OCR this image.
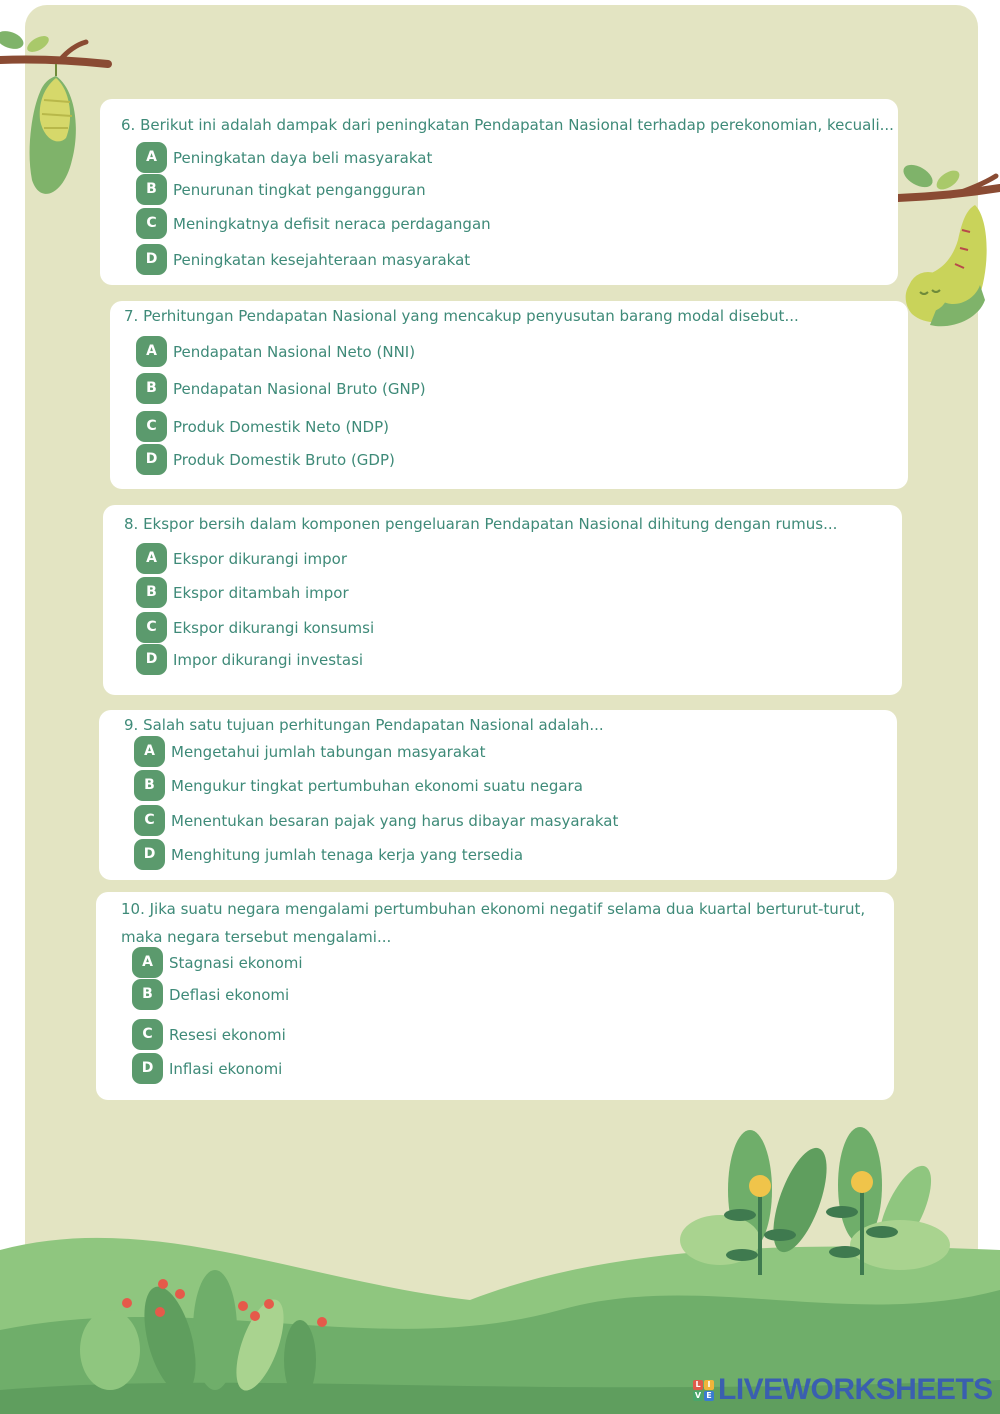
6. Berikut ini adalah dampak dari peningkatan Pendapatan Nasional terhadap perekonomian, kecuali...
A	Peningkatan daya beli masyarakat
B	Penurunan tingkat pengangguran
C	Meningkatnya defisit neraca perdagangan
D	Peningkatan kesejahteraan masyarakat
7. Perhitungan Pendapatan Nasional yang mencakup penyusutan barang modal disebut...
A	Pendapatan Nasional Neto (NNI)
B	Pendapatan Nasional Bruto (GNP)
C	Produk Domestik Neto (NDP)
D	Produk Domestik Bruto (GDP)
8. Ekspor bersih dalam komponen pengeluaran Pendapatan Nasional dihitung dengan rumus...
A	Ekspor dikurangi impor
B	Ekspor ditambah impor
C	Ekspor dikurangi konsumsi
D	Impor dikurangi investasi
9. Salah satu tujuan perhitungan Pendapatan Nasional adalah...
A	Mengetahui jumlah tabungan masyarakat
B	Mengukur tingkat pertumbuhan ekonomi suatu negara
C	Menentukan besaran pajak yang harus dibayar masyarakat
D	Menghitung jumlah tenaga kerja yang tersedia
10. Jika suatu negara mengalami pertumbuhan ekonomi negatif selama dua kuartal berturut-turut,
maka negara tersebut mengalami...
A	Stagnasi ekonomi
B	Deflasi ekonomi
C	Resesi ekonomi
D	Inflasi ekonomi
L I
V E LIVEWORKSHEETS
